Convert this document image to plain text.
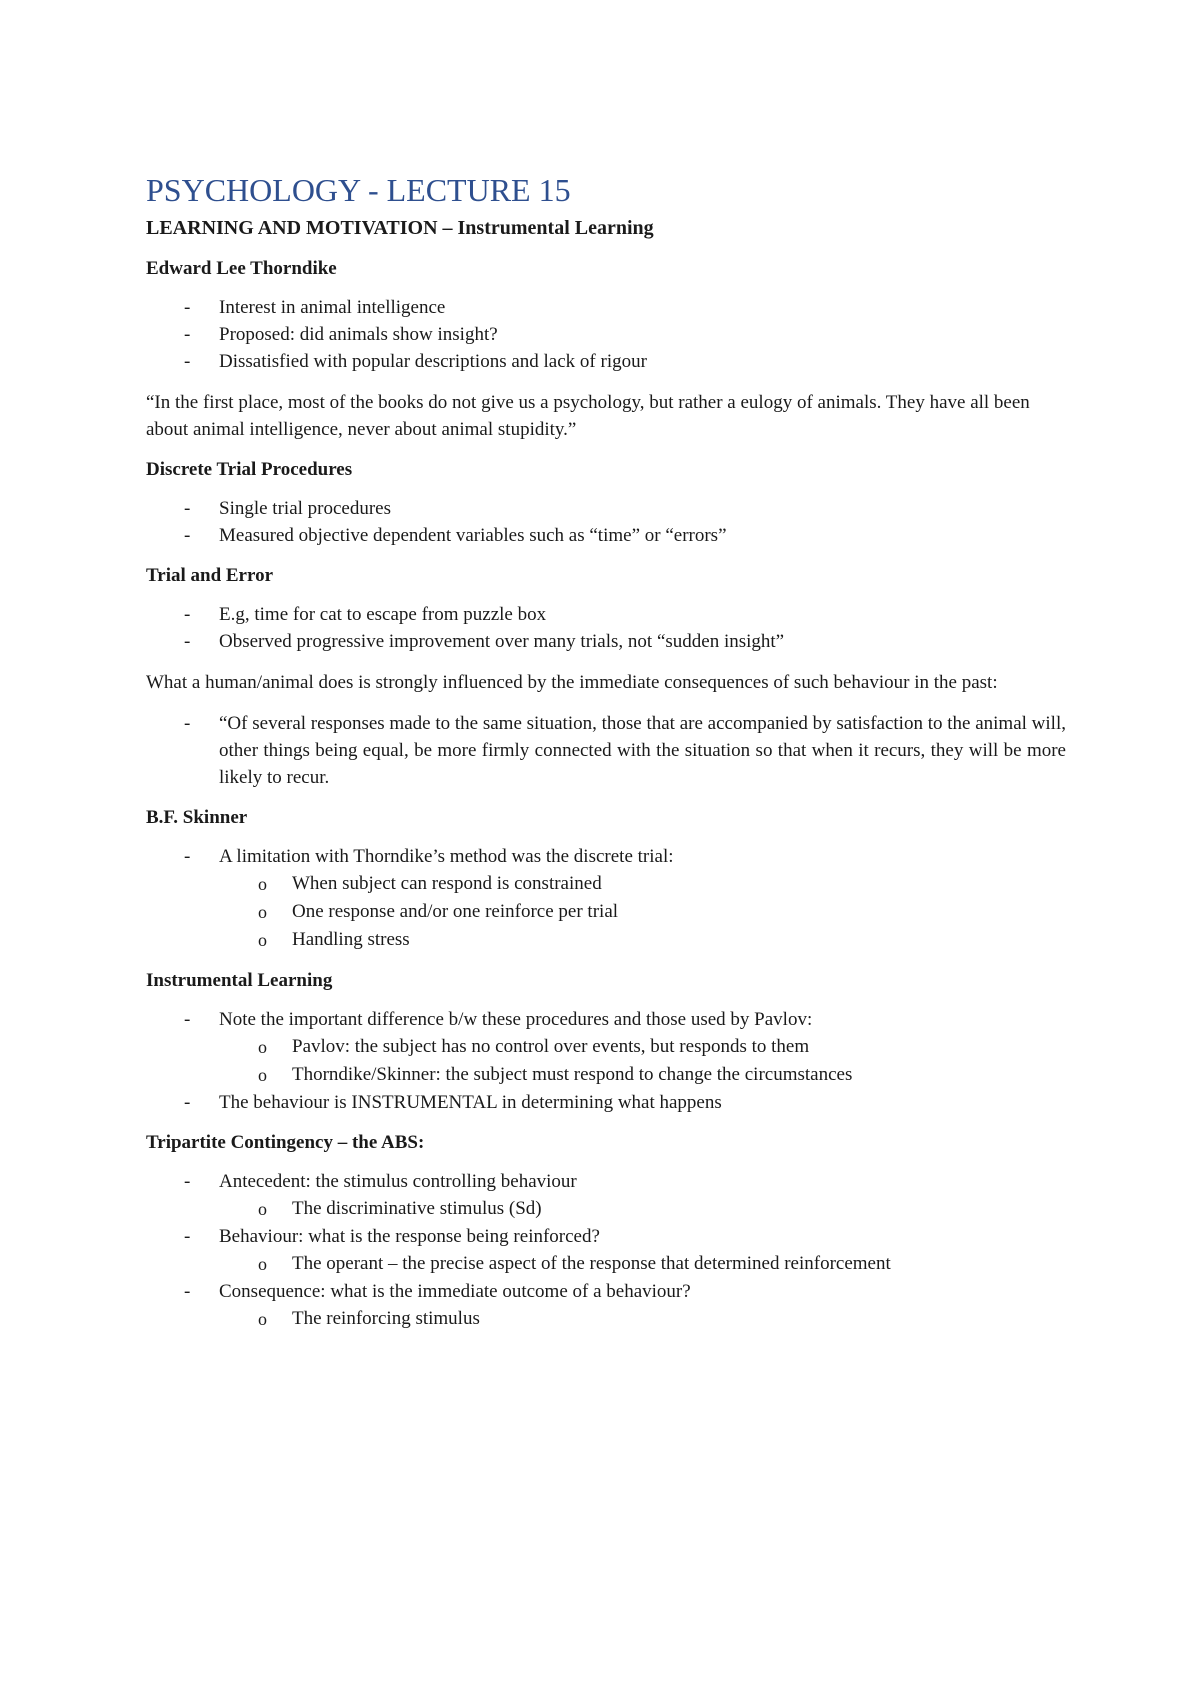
PSYCHOLOGY - LECTURE 15
LEARNING AND MOTIVATION – Instrumental Learning
Edward Lee Thorndike
- Interest in animal intelligence
- Proposed: did animals show insight?
- Dissatisfied with popular descriptions and lack of rigour

“In the first place, most of the books do not give us a psychology, but rather a eulogy of animals. They have all been about animal intelligence, never about animal stupidity.”

Discrete Trial Procedures
- Single trial procedures
- Measured objective dependent variables such as “time” or “errors”
Trial and Error
- E.g, time for cat to escape from puzzle box
- Observed progressive improvement over many trials, not “sudden insight”

What a human/animal does is strongly influenced by the immediate consequences of such behaviour in the past:

- “Of several responses made to the same situation, those that are accompanied by satisfaction to the animal will, other things being equal, be more firmly connected with the situation so that when it recurs, they will be more likely to recur.
B.F. Skinner
- A limitation with Thorndike’s method was the discrete trial:
o When subject can respond is constrained
o One response and/or one reinforce per trial
o Handling stress
Instrumental Learning
- Note the important difference b/w these procedures and those used by Pavlov:
o Pavlov: the subject has no control over events, but responds to them
o Thorndike/Skinner: the subject must respond to change the circumstances
- The behaviour is INSTRUMENTAL in determining what happens
Tripartite Contingency – the ABS:
- Antecedent: the stimulus controlling behaviour
o The discriminative stimulus (Sd)
- Behaviour: what is the response being reinforced?
o The operant – the precise aspect of the response that determined reinforcement
- Consequence: what is the immediate outcome of a behaviour?
o The reinforcing stimulus
